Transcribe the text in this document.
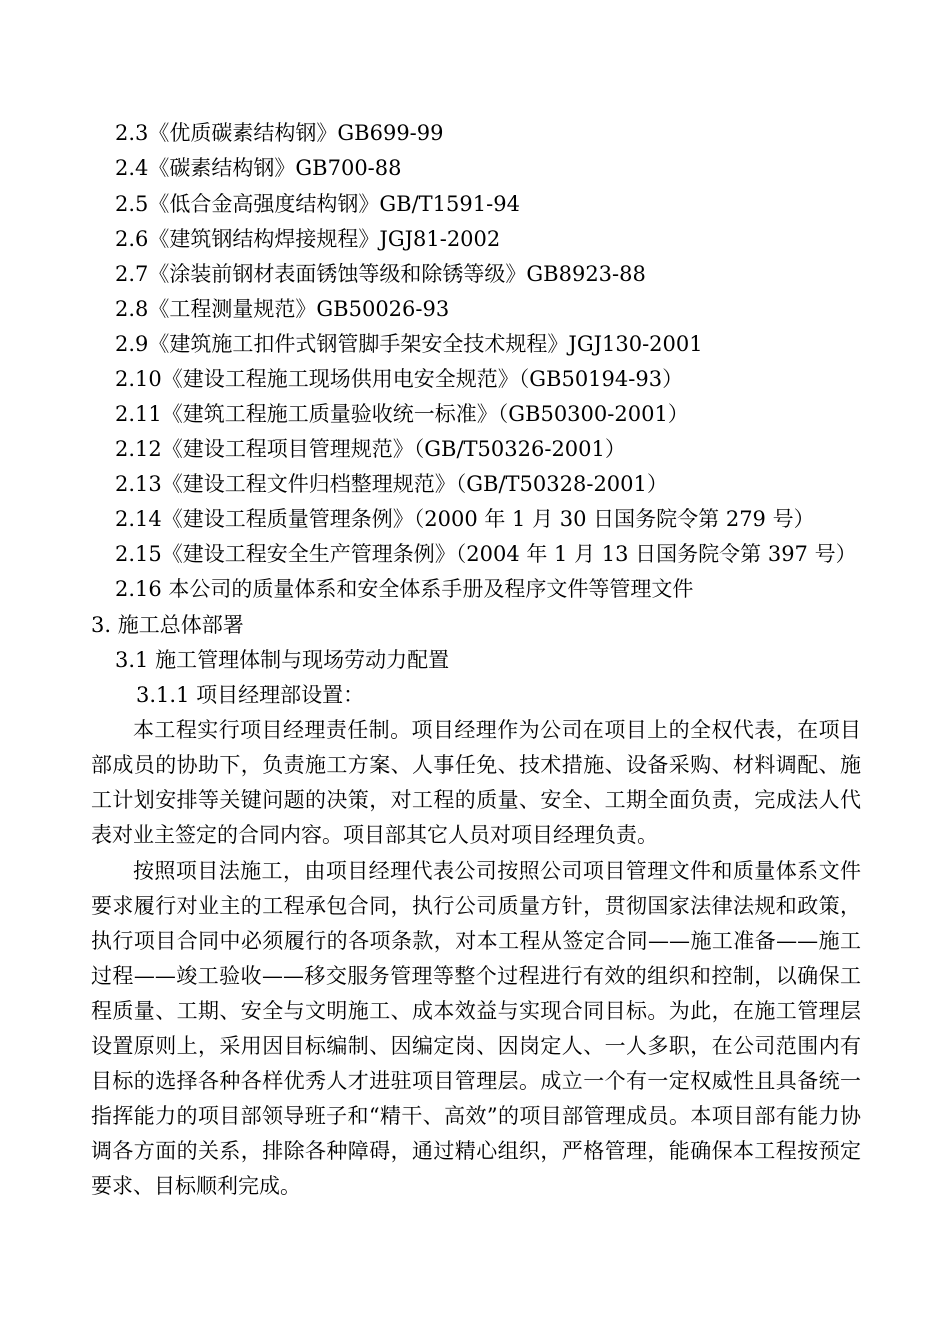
2.3《优质碳素结构钢》GB699-99
2.4《碳素结构钢》GB700-88
2.5《低合金高强度结构钢》GB/T1591-94
2.6《建筑钢结构焊接规程》JGJ81-2002
2.7《涂装前钢材表面锈蚀等级和除锈等级》GB8923-88
2.8《工程测量规范》GB50026-93
2.9《建筑施工扣件式钢管脚手架安全技术规程》JGJ130-2001
2.10《建设工程施工现场供用电安全规范》（GB50194-93）
2.11《建筑工程施工质量验收统一标准》（GB50300-2001）
2.12《建设工程项目管理规范》（GB/T50326-2001）
2.13《建设工程文件归档整理规范》（GB/T50328-2001）
2.14《建设工程质量管理条例》（2000 年 1 月 30 日国务院令第 279 号）
2.15《建设工程安全生产管理条例》（2004 年 1 月 13 日国务院令第 397 号）
2.16 本公司的质量体系和安全体系手册及程序文件等管理文件
3. 施工总体部署
3.1 施工管理体制与现场劳动力配置
3.1.1 项目经理部设置：

本工程实行项目经理责任制。项目经理作为公司在项目上的全权代表，在项目部成员的协助下，负责施工方案、人事任免、技术措施、设备采购、材料调配、施工计划安排等关键问题的决策，对工程的质量、安全、工期全面负责，完成法人代表对业主签定的合同内容。项目部其它人员对项目经理负责。

按照项目法施工，由项目经理代表公司按照公司项目管理文件和质量体系文件要求履行对业主的工程承包合同，执行公司质量方针，贯彻国家法律法规和政策，执行项目合同中必须履行的各项条款，对本工程从签定合同——施工准备——施工过程——竣工验收——移交服务管理等整个过程进行有效的组织和控制，以确保工程质量、工期、安全与文明施工、成本效益与实现合同目标。为此，在施工管理层设置原则上，采用因目标编制、因编定岗、因岗定人、一人多职，在公司范围内有目标的选择各种各样优秀人才进驻项目管理层。成立一个有一定权威性且具备统一指挥能力的项目部领导班子和“精干、高效”的项目部管理成员。本项目部有能力协调各方面的关系，排除各种障碍，通过精心组织，严格管理，能确保本工程按预定要求、目标顺利完成。
